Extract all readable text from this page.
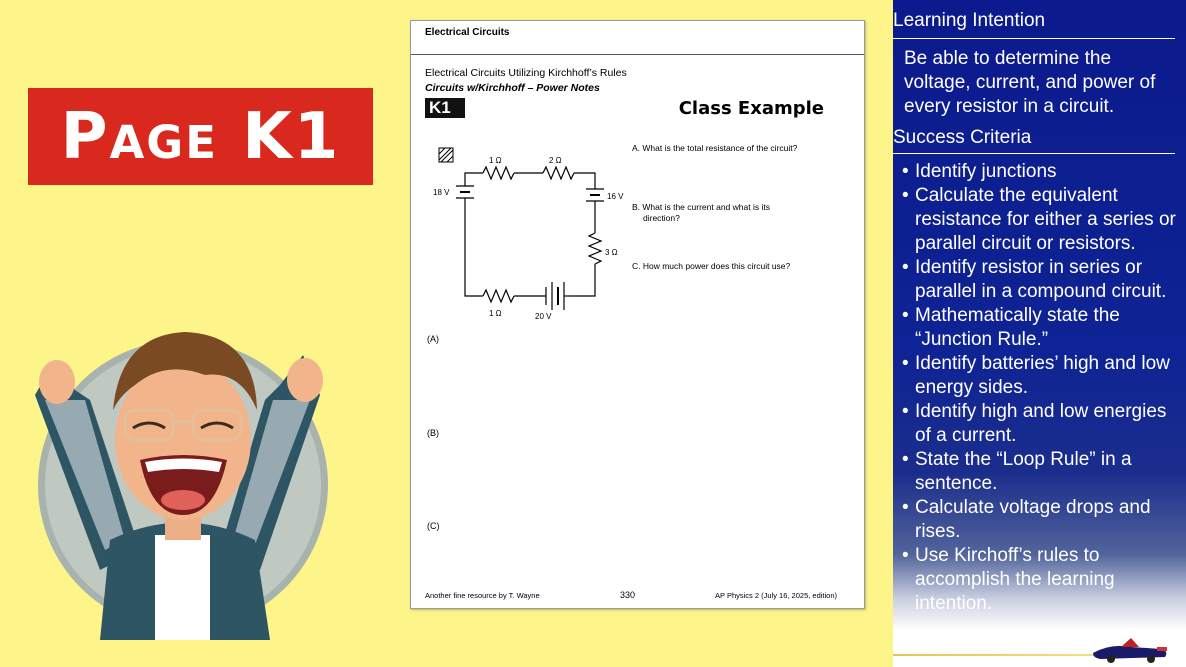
Page K1
Electrical Circuits
Electrical Circuits Utilizing Kirchhoff’s Rules
Circuits w/Kirchhoff – Power Notes
K1	Class Example
1 Ω	2 Ω
18 V	16 V
3 Ω
1 Ω	20 V
A. What is the total resistance of the circuit?
B. What is the current and what is its
direction?
C. How much power does this circuit use?
(A)
(B)
(C)
Another fine resource by T. Wayne	330	AP Physics 2 (July 16, 2025, edition)
Learning Intention
Be able to determine the voltage, current, and power of every resistor in a circuit.
Success Criteria
• Identify junctions
• Calculate the equivalent resistance for either a series or parallel circuit or resistors.
• Identify resistor in series or parallel in a compound circuit.
• Mathematically state the “Junction Rule.”
• Identify batteries’ high and low energy sides.
• Identify high and low energies of a current.
• State the “Loop Rule” in a sentence.
• Calculate voltage drops and rises.
• Use Kirchoff’s rules to accomplish the learning intention.
